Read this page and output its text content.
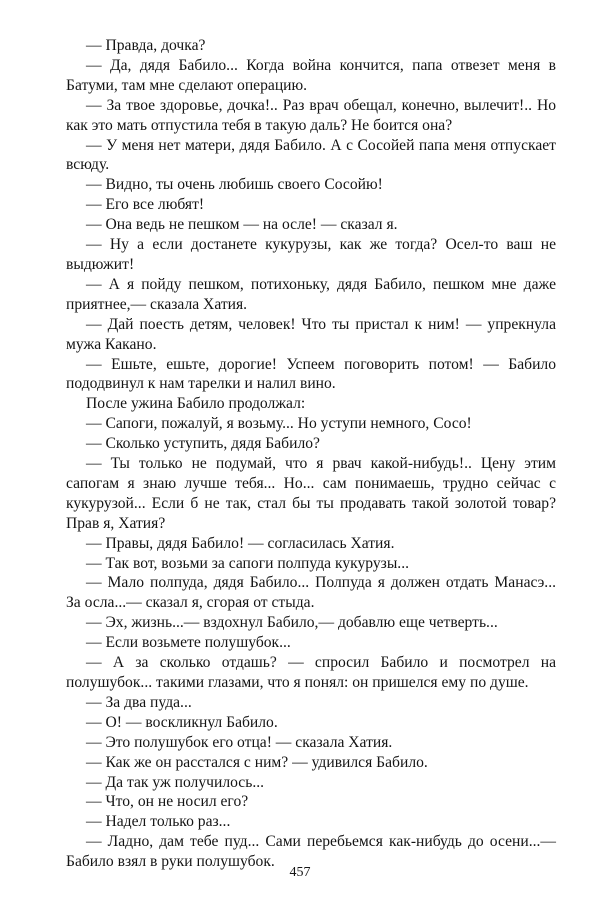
— Правда, дочка?

— Да, дядя Бабило... Когда война кончится, папа отвезет меня в Батуми, там мне сделают операцию.

— За твое здоровье, дочка!.. Раз врач обещал, конечно, вылечит!.. Но как это мать отпустила тебя в такую даль? Не боится она?

— У меня нет матери, дядя Бабило. А с Сосойей папа меня отпускает всюду.

— Видно, ты очень любишь своего Сосойю!

— Его все любят!

— Она ведь не пешком — на осле! — сказал я.

— Ну а если достанете кукурузы, как же тогда? Осел-то ваш не выдюжит!

— А я пойду пешком, потихоньку, дядя Бабило, пешком мне даже приятнее,— сказала Хатия.

— Дай поесть детям, человек! Что ты пристал к ним! — упрекнула мужа Какано.

— Ешьте, ешьте, дорогие! Успеем поговорить потом! — Бабило пододвинул к нам тарелки и налил вино.

После ужина Бабило продолжал:

— Сапоги, пожалуй, я возьму... Но уступи немного, Сосо!

— Сколько уступить, дядя Бабило?

— Ты только не подумай, что я рвач какой-нибудь!.. Цену этим сапогам я знаю лучше тебя... Но... сам понимаешь, трудно сейчас с кукурузой... Если б не так, стал бы ты продавать такой золотой товар? Прав я, Хатия?

— Правы, дядя Бабило! — согласилась Хатия.

— Так вот, возьми за сапоги полпуда кукурузы...

— Мало полпуда, дядя Бабило... Полпуда я должен отдать Манасэ... За осла...— сказал я, сгорая от стыда.

— Эх, жизнь...— вздохнул Бабило,— добавлю еще четверть...

— Если возьмете полушубок...

— А за сколько отдашь? — спросил Бабило и посмотрел на полушубок... такими глазами, что я понял: он пришелся ему по душе.

— За два пуда...

— О! — воскликнул Бабило.

— Это полушубок его отца! — сказала Хатия.

— Как же он расстался с ним? — удивился Бабило.

— Да так уж получилось...

— Что, он не носил его?

— Надел только раз...

— Ладно, дам тебе пуд... Сами перебьемся как-нибудь до осени...— Бабило взял в руки полушубок.

457
